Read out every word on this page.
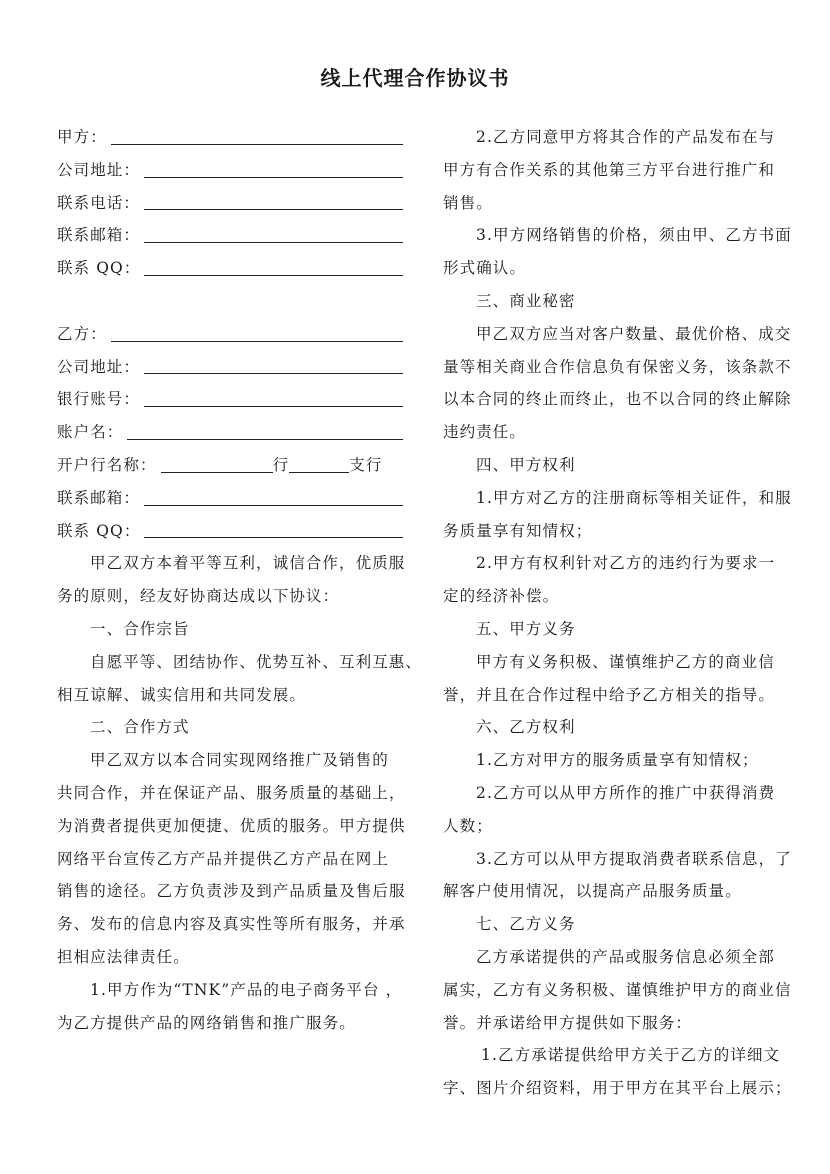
线上代理合作协议书
甲方：
公司地址：
联系电话：
联系邮箱：
联系 QQ：
乙方：
公司地址：
银行账号：
账户名：
开户行名称：	行	支行
联系邮箱：
联系 QQ：
甲乙双方本着平等互利，诚信合作，优质服
务的原则，经友好协商达成以下协议：
一、合作宗旨
自愿平等、团结协作、优势互补、互利互惠、
相互谅解、诚实信用和共同发展。
二、合作方式
甲乙双方以本合同实现网络推广及销售的
共同合作，并在保证产品、服务质量的基础上，
为消费者提供更加便捷、优质的服务。甲方提供
网络平台宣传乙方产品并提供乙方产品在网上
销售的途径。乙方负责涉及到产品质量及售后服
务、发布的信息内容及真实性等所有服务，并承
担相应法律责任。
1.甲方作为“TNK”产品的电子商务平台 ，
为乙方提供产品的网络销售和推广服务。
2.乙方同意甲方将其合作的产品发布在与
甲方有合作关系的其他第三方平台进行推广和
销售。
3.甲方网络销售的价格，须由甲、乙方书面
形式确认。
三、商业秘密
甲乙双方应当对客户数量、最优价格、成交
量等相关商业合作信息负有保密义务，该条款不
以本合同的终止而终止，也不以合同的终止解除
违约责任。
四、甲方权利
1.甲方对乙方的注册商标等相关证件，和服
务质量享有知情权；
2.甲方有权利针对乙方的违约行为要求一
定的经济补偿。
五、甲方义务
甲方有义务积极、谨慎维护乙方的商业信
誉，并且在合作过程中给予乙方相关的指导。
六、乙方权利
1.乙方对甲方的服务质量享有知情权；
2.乙方可以从甲方所作的推广中获得消费
人数；
3.乙方可以从甲方提取消费者联系信息，了
解客户使用情况，以提高产品服务质量。
七、乙方义务
乙方承诺提供的产品或服务信息必须全部
属实，乙方有义务积极、谨慎维护甲方的商业信
誉。并承诺给甲方提供如下服务：
1.乙方承诺提供给甲方关于乙方的详细文
字、图片介绍资料，用于甲方在其平台上展示；
